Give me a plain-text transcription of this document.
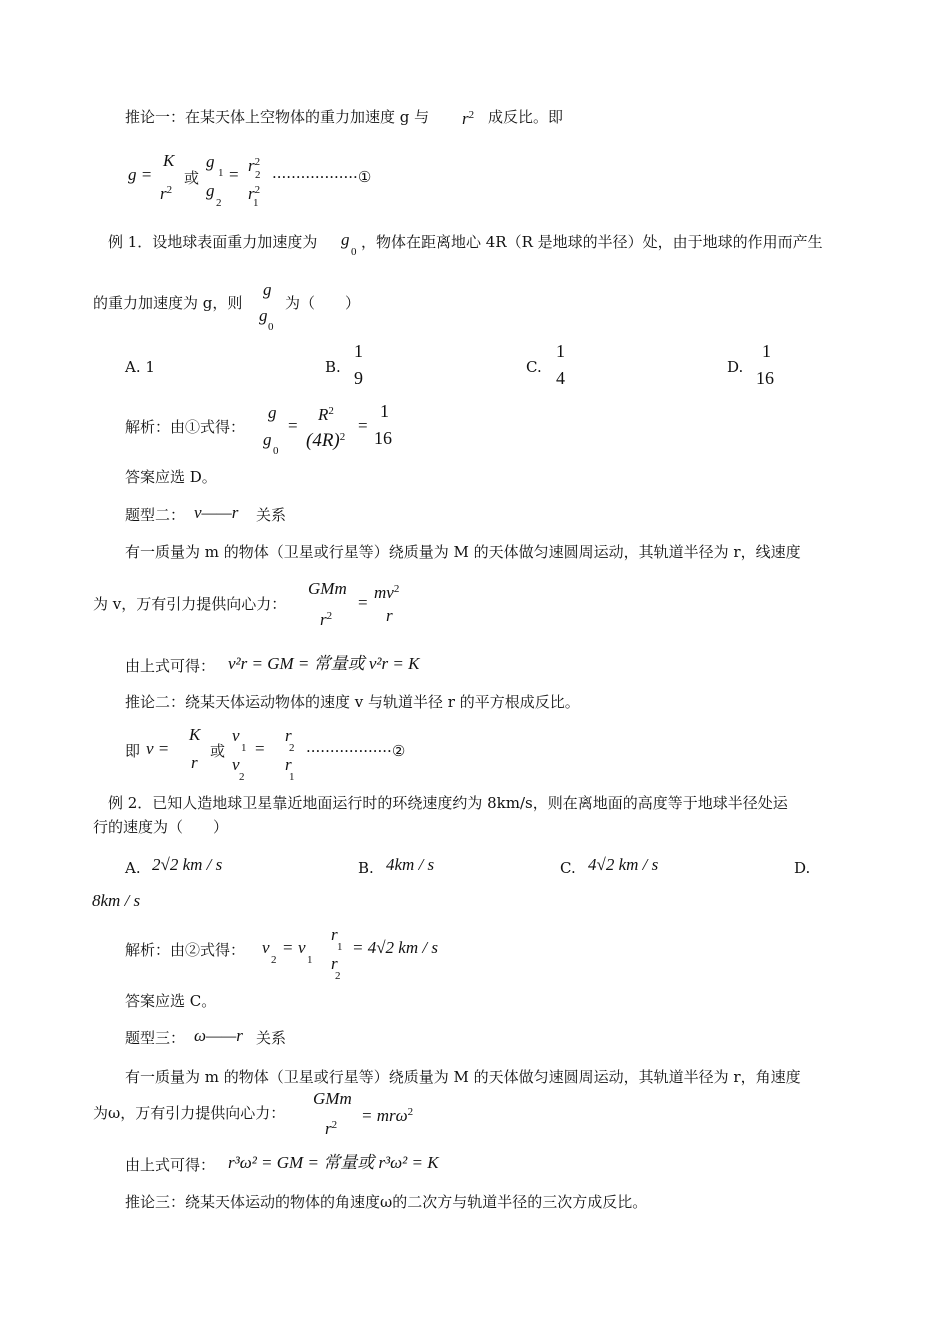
推论一：在某天体上空物体的重力加速度 g 与 $r^2$ 成反比。即
g =
K
$r^2$
或
g
$1 = r^2$
2
g
2 $r^2$
1
··················①
例 1．设地球表面重力加速度为 g
0
，物体在距离地心 4R（R 是地球的半径）处，由于地球的作用而产生
的重力加速度为 g，则
g
g
0
为（　　）
A. 1	B.
1
9
C.
1
4
D.
1
16
解析：由①式得：
g
g
0
=
$R^2$
$(4R)^2$
=
1
16
答案应选 D。
题型二： v——r 关系
有一质量为 m 的物体（卫星或行星等）绕质量为 M 的天体做匀速圆周运动，其轨道半径为 r，线速度
为 v，万有引力提供向心力：
GMm
$r^2$
=
$mv^2$
r
由上式可得： v²r = GM = 常量或 v²r = K
推论二：绕某天体运动物体的速度 v 与轨道半径 r 的平方根成反比。
即 v =
K
r
或
v
1 =
r
2
v
2
r
1
··················②
例 2．已知人造地球卫星靠近地面运行时的环绕速度约为 8km/s，则在离地面的高度等于地球半径处运
行的速度为（　　）
A. 2√2 km / s	B. 4km / s	C. 4√2 km / s	D.
8km / s
解析：由②式得： v
2
= v
1
r
1
r
2
= 4√2 km / s
答案应选 C。
题型三： ω——r 关系
有一质量为 m 的物体（卫星或行星等）绕质量为 M 的天体做匀速圆周运动，其轨道半径为 r，角速度
为ω，万有引力提供向心力：
GMm
$r^2 = mr\omega^2$
由上式可得： r³ω² = GM = 常量或 r³ω² = K
推论三：绕某天体运动的物体的角速度ω的二次方与轨道半径的三次方成反比。
